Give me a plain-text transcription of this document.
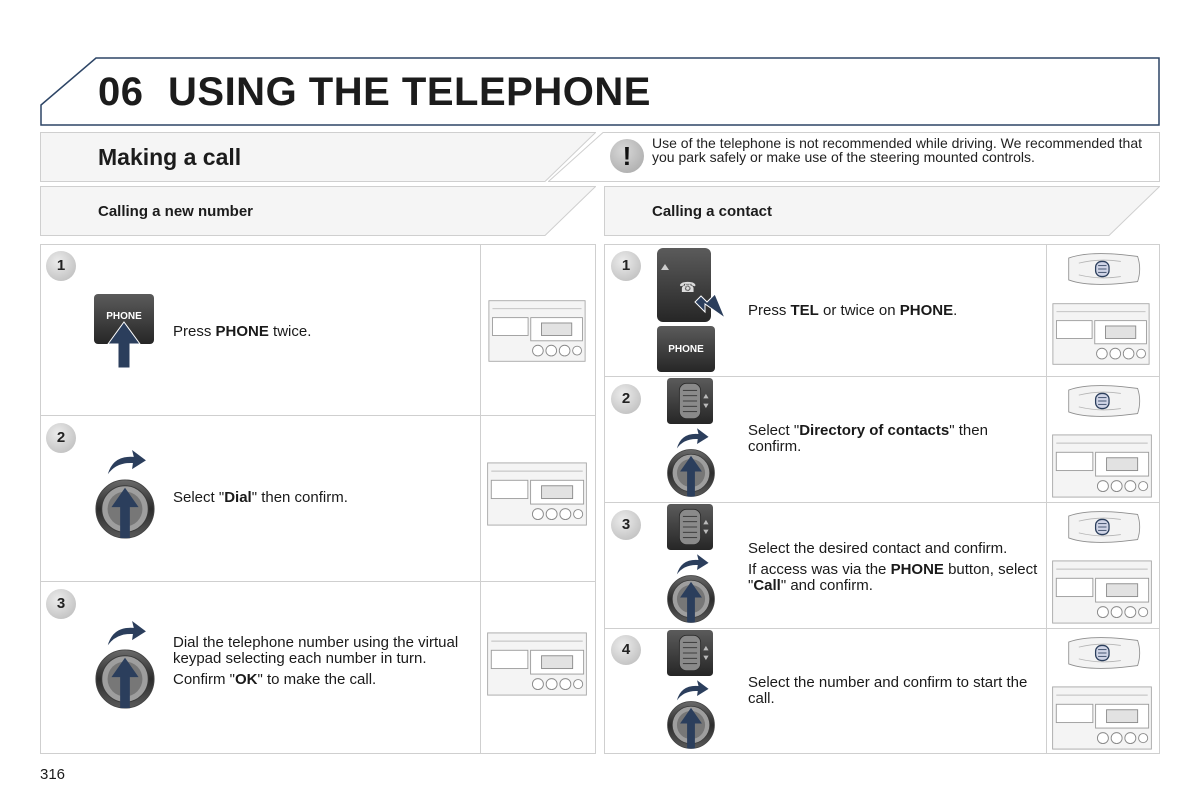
06 USING THE TELEPHONE
Making a call	!	Use of the telephone is not recommended while driving. We recommended that you park safely or make use of the steering mounted controls.
Calling a new number	Calling a contact
1
PHONE
Press PHONE twice.
2
Select "Dial" then confirm.
3

Dial the telephone number using the virtual keypad selecting each number in turn.

Confirm "OK" to make the call.

1
☎
PHONE
Press TEL or twice on PHONE.
2
Select "Directory of contacts" then confirm.
3

Select the desired contact and confirm.

If access was via the PHONE button, select "Call" and confirm.

4

Select the number and confirm to start the call.

316
